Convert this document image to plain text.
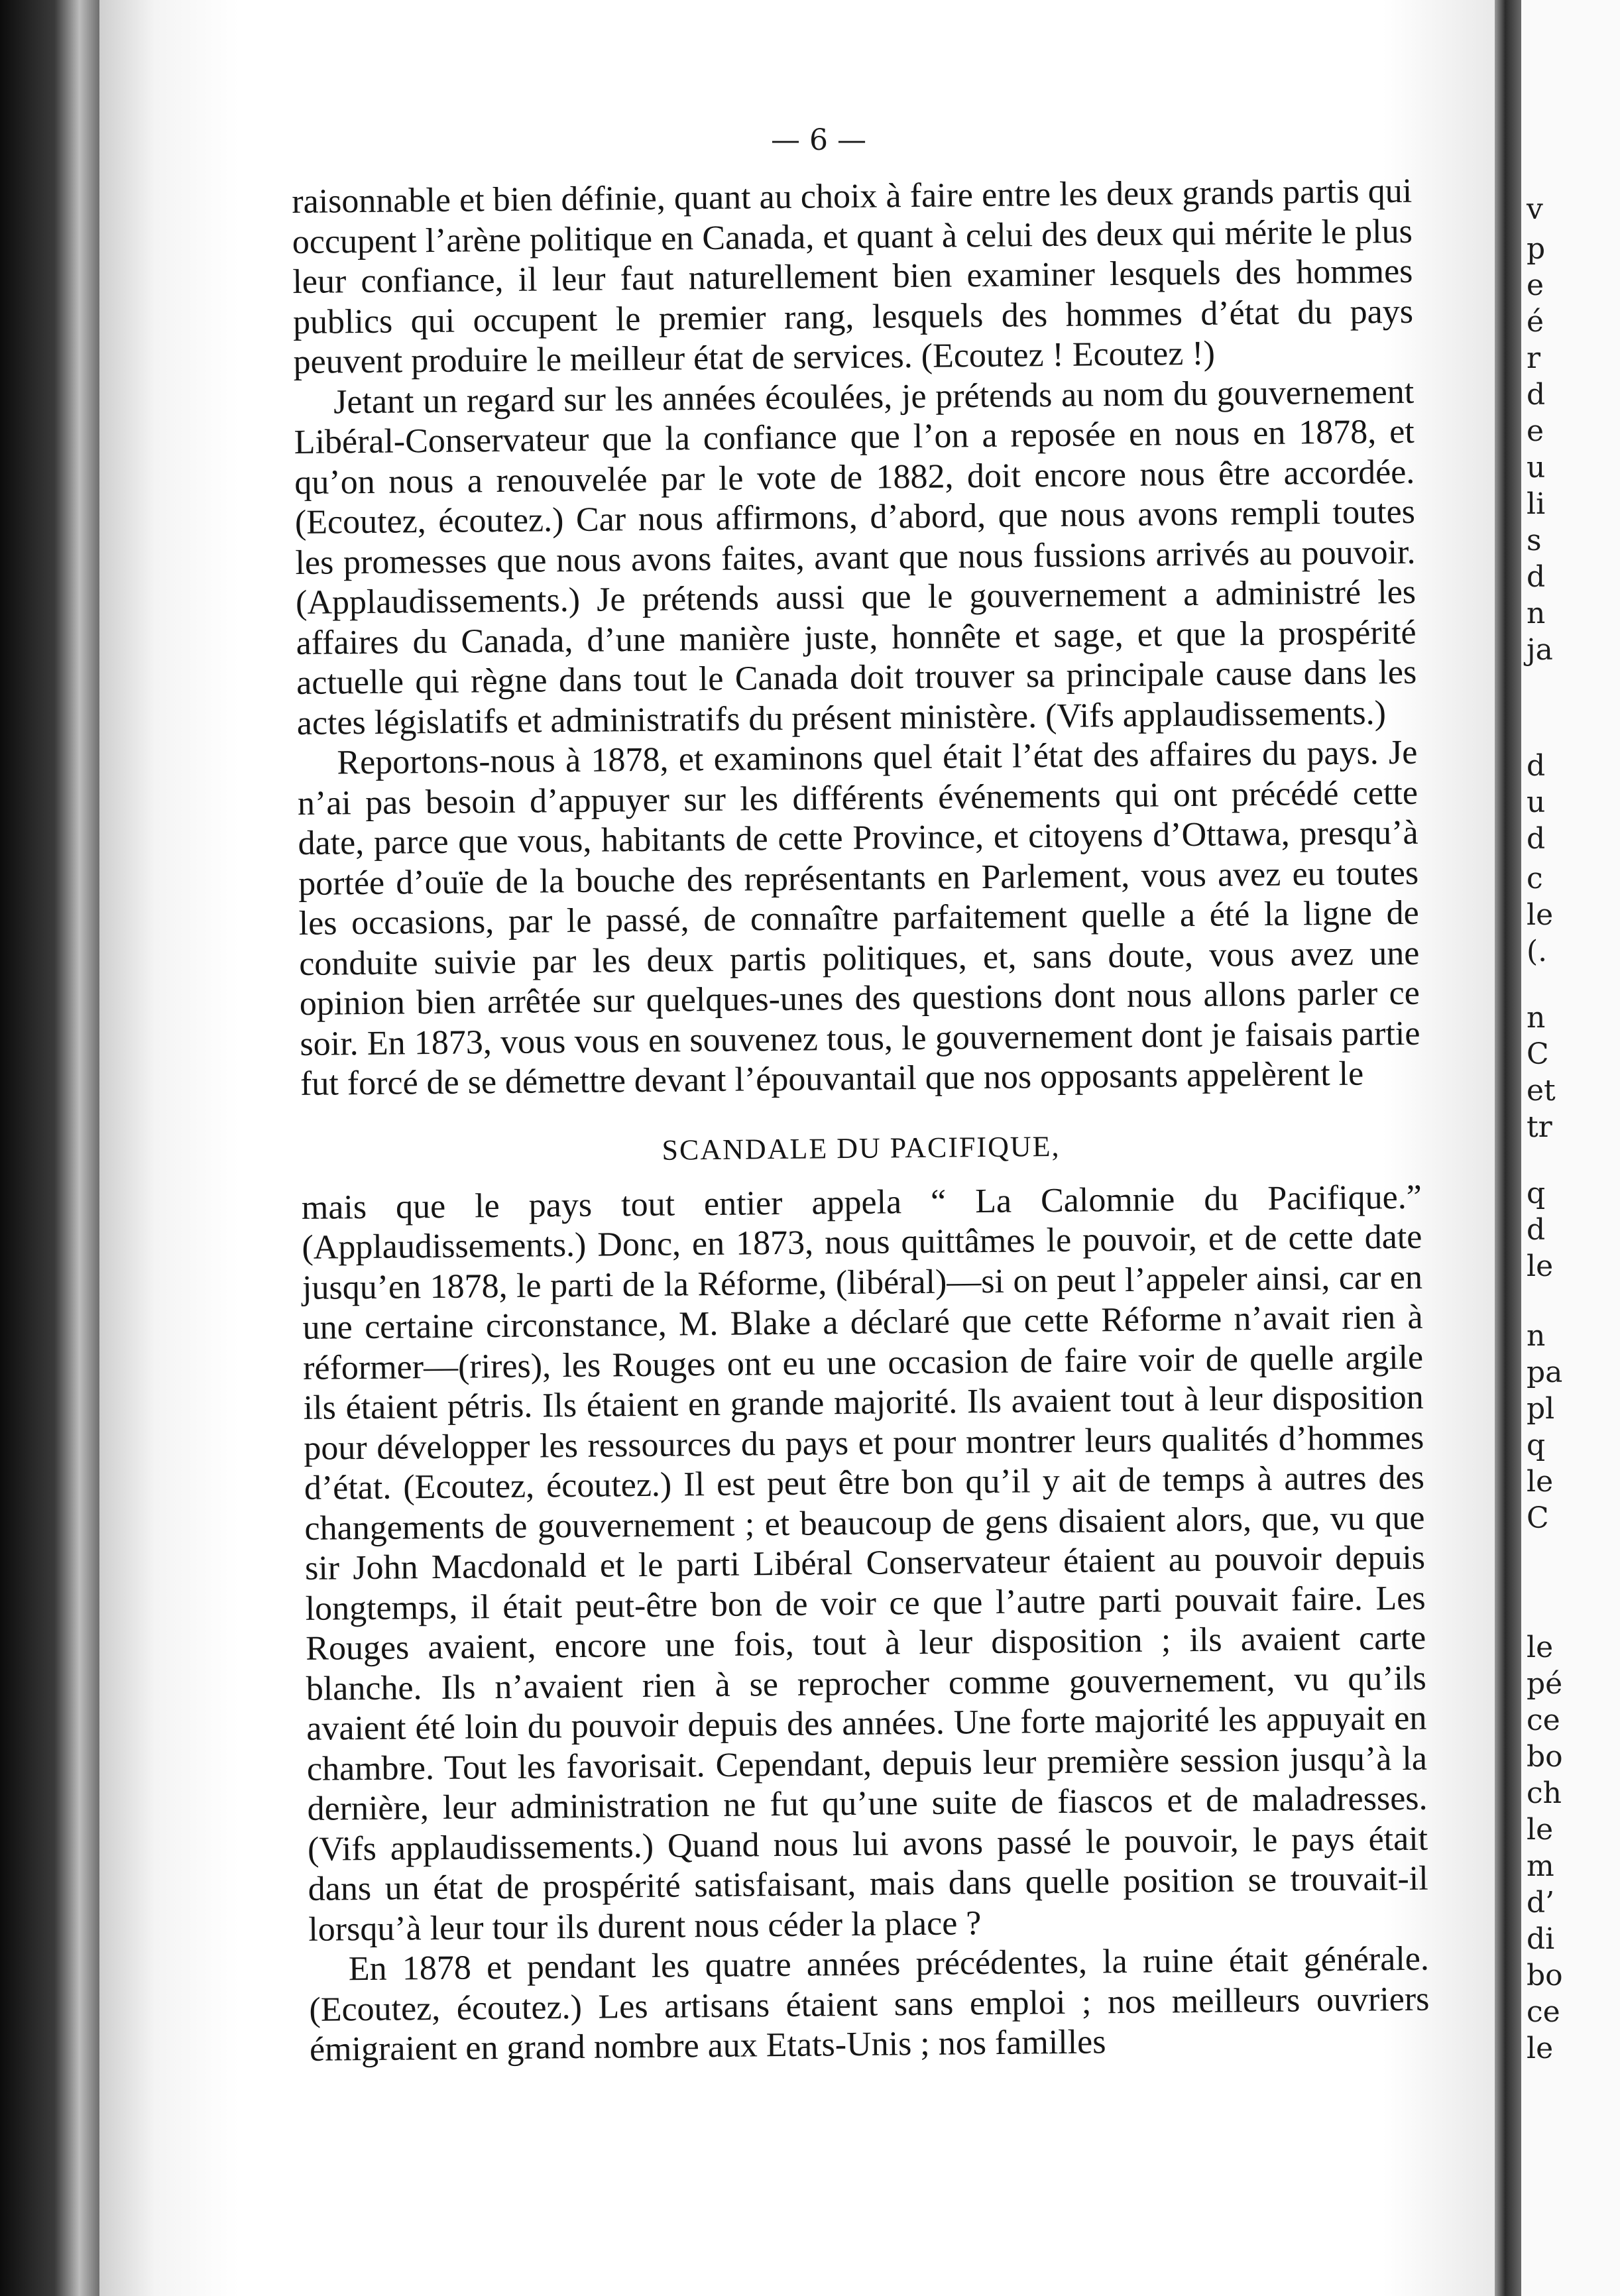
— 6 —

raisonnable et bien définie, quant au choix à faire entre les deux grands partis qui occupent l’arène politique en Canada, et quant à celui des deux qui mérite le plus leur confiance, il leur faut naturellement bien examiner lesquels des hommes publics qui occupent le premier rang, lesquels des hommes d’état du pays peuvent produire le meilleur état de services. (Ecoutez ! Ecoutez !)

Jetant un regard sur les années écoulées, je prétends au nom du gouvernement Libéral-Conservateur que la confiance que l’on a reposée en nous en 1878, et qu’on nous a renouvelée par le vote de 1882, doit encore nous être accordée. (Ecoutez, écoutez.) Car nous affirmons, d’abord, que nous avons rempli toutes les promesses que nous avons faites, avant que nous fussions arrivés au pouvoir. (Applaudissements.) Je prétends aussi que le gouvernement a administré les affaires du Canada, d’une manière juste, honnête et sage, et que la prospérité actuelle qui règne dans tout le Canada doit trouver sa principale cause dans les actes législatifs et administratifs du présent ministère. (Vifs applaudissements.)

Reportons-nous à 1878, et examinons quel était l’état des affaires du pays. Je n’ai pas besoin d’appuyer sur les différents événements qui ont précédé cette date, parce que vous, habitants de cette Province, et citoyens d’Ottawa, presqu’à portée d’ouïe de la bouche des représentants en Parlement, vous avez eu toutes les occasions, par le passé, de connaître parfaitement quelle a été la ligne de conduite suivie par les deux partis politiques, et, sans doute, vous avez une opinion bien arrêtée sur quelques-unes des questions dont nous allons parler ce soir. En 1873, vous vous en souvenez tous, le gouvernement dont je faisais partie fut forcé de se démettre devant l’épouvantail que nos opposants appelèrent le

SCANDALE DU PACIFIQUE,

mais que le pays tout entier appela “ La Calomnie du Pacifique.” (Applaudissements.) Donc, en 1873, nous quittâmes le pouvoir, et de cette date jusqu’en 1878, le parti de la Réforme, (libéral)—si on peut l’appeler ainsi, car en une certaine circonstance, M. Blake a déclaré que cette Réforme n’avait rien à réformer—(rires), les Rouges ont eu une occasion de faire voir de quelle argile ils étaient pétris. Ils étaient en grande majorité. Ils avaient tout à leur disposition pour développer les ressources du pays et pour montrer leurs qualités d’hommes d’état. (Ecoutez, écoutez.) Il est peut être bon qu’il y ait de temps à autres des changements de gouvernement ; et beaucoup de gens disaient alors, que, vu que sir John Macdonald et le parti Libéral Conservateur étaient au pouvoir depuis longtemps, il était peut-être bon de voir ce que l’autre parti pouvait faire. Les Rouges avaient, encore une fois, tout à leur disposition ; ils avaient carte blanche. Ils n’avaient rien à se reprocher comme gouvernement, vu qu’ils avaient été loin du pouvoir depuis des années. Une forte majorité les appuyait en chambre. Tout les favorisait. Cependant, depuis leur première session jusqu’à la dernière, leur administration ne fut qu’une suite de fiascos et de maladresses. (Vifs applaudissements.) Quand nous lui avons passé le pouvoir, le pays était dans un état de prospérité satisfaisant, mais dans quelle position se trouvait-il lorsqu’à leur tour ils durent nous céder la place ?

En 1878 et pendant les quatre années précédentes, la ruine était générale. (Ecoutez, écoutez.) Les artisans étaient sans emploi ; nos meilleurs ouvriers émigraient en grand nombre aux Etats-Unis ; nos familles

v
p
e
é
r
d
e
u
li
s
d
n
ja
d
u
d
c
le
(.
n
C
et
tr
q
d
le
n
pa
pl
q
le
C
le
pé
ce
bo
ch
le
m
d’
di
bo
ce
le
